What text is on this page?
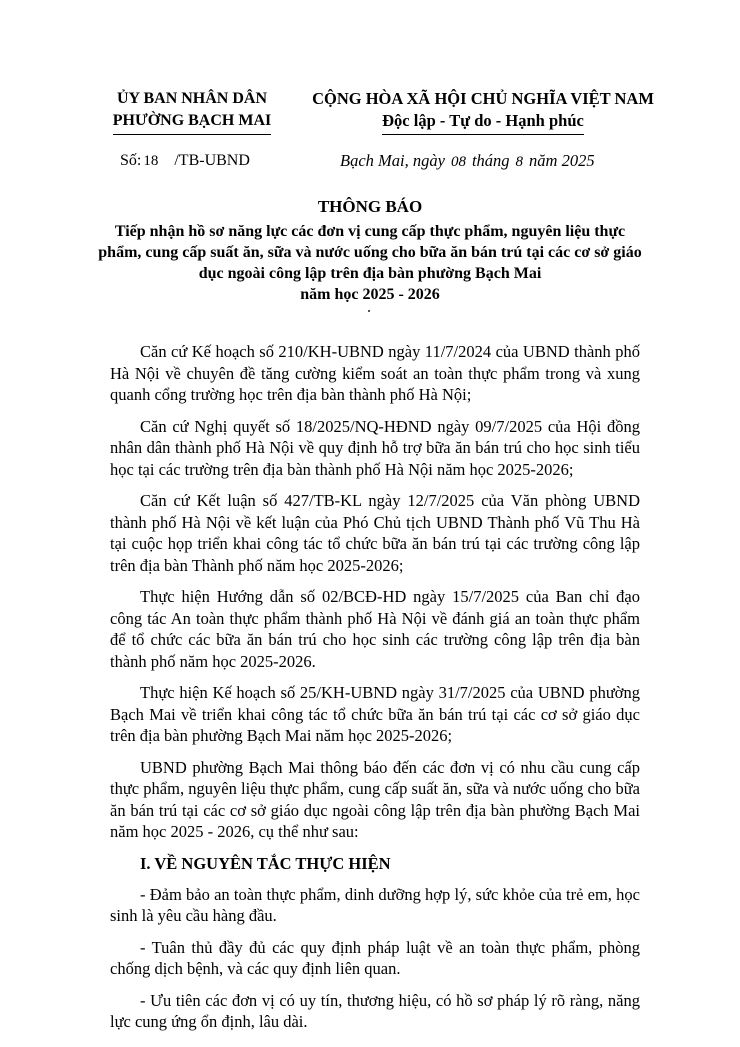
ỦY BAN NHÂN DÂN
PHƯỜNG BẠCH MAI
CỘNG HÒA XÃ HỘI CHỦ NGHĨA VIỆT NAM
Độc lập - Tự do - Hạnh phúc
Số: 18 /TB-UBND	Bạch Mai, ngày 08 tháng 8 năm 2025
THÔNG BÁO
Tiếp nhận hồ sơ năng lực các đơn vị cung cấp thực phẩm, nguyên liệu thực phẩm, cung cấp suất ăn, sữa và nước uống cho bữa ăn bán trú tại các cơ sở giáo dục ngoài công lập trên địa bàn phường Bạch Mai
năm học 2025 - 2026

Căn cứ Kế hoạch số 210/KH-UBND ngày 11/7/2024 của UBND thành phố Hà Nội về chuyên đề tăng cường kiểm soát an toàn thực phẩm trong và xung quanh cổng trường học trên địa bàn thành phố Hà Nội;

Căn cứ Nghị quyết số 18/2025/NQ-HĐND ngày 09/7/2025 của Hội đồng nhân dân thành phố Hà Nội về quy định hỗ trợ bữa ăn bán trú cho học sinh tiểu học tại các trường trên địa bàn thành phố Hà Nội năm học 2025-2026;

Căn cứ Kết luận số 427/TB-KL ngày 12/7/2025 của Văn phòng UBND thành phố Hà Nội về kết luận của Phó Chủ tịch UBND Thành phố Vũ Thu Hà tại cuộc họp triển khai công tác tổ chức bữa ăn bán trú tại các trường công lập trên địa bàn Thành phố năm học 2025-2026;

Thực hiện Hướng dẫn số 02/BCĐ-HD ngày 15/7/2025 của Ban chỉ đạo công tác An toàn thực phẩm thành phố Hà Nội về đánh giá an toàn thực phẩm để tổ chức các bữa ăn bán trú cho học sinh các trường công lập trên địa bàn thành phố năm học 2025-2026.

Thực hiện Kế hoạch số 25/KH-UBND ngày 31/7/2025 của UBND phường Bạch Mai về triển khai công tác tổ chức bữa ăn bán trú tại các cơ sở giáo dục trên địa bàn phường Bạch Mai năm học 2025-2026;

UBND phường Bạch Mai thông báo đến các đơn vị có nhu cầu cung cấp thực phẩm, nguyên liệu thực phẩm, cung cấp suất ăn, sữa và nước uống cho bữa ăn bán trú tại các cơ sở giáo dục ngoài công lập trên địa bàn phường Bạch Mai năm học 2025 - 2026, cụ thể như sau:

I. VỀ NGUYÊN TẮC THỰC HIỆN

- Đảm bảo an toàn thực phẩm, dinh dưỡng hợp lý, sức khỏe của trẻ em, học sinh là yêu cầu hàng đầu.

- Tuân thủ đầy đủ các quy định pháp luật về an toàn thực phẩm, phòng chống dịch bệnh, và các quy định liên quan.

- Ưu tiên các đơn vị có uy tín, thương hiệu, có hồ sơ pháp lý rõ ràng, năng lực cung ứng ổn định, lâu dài.
